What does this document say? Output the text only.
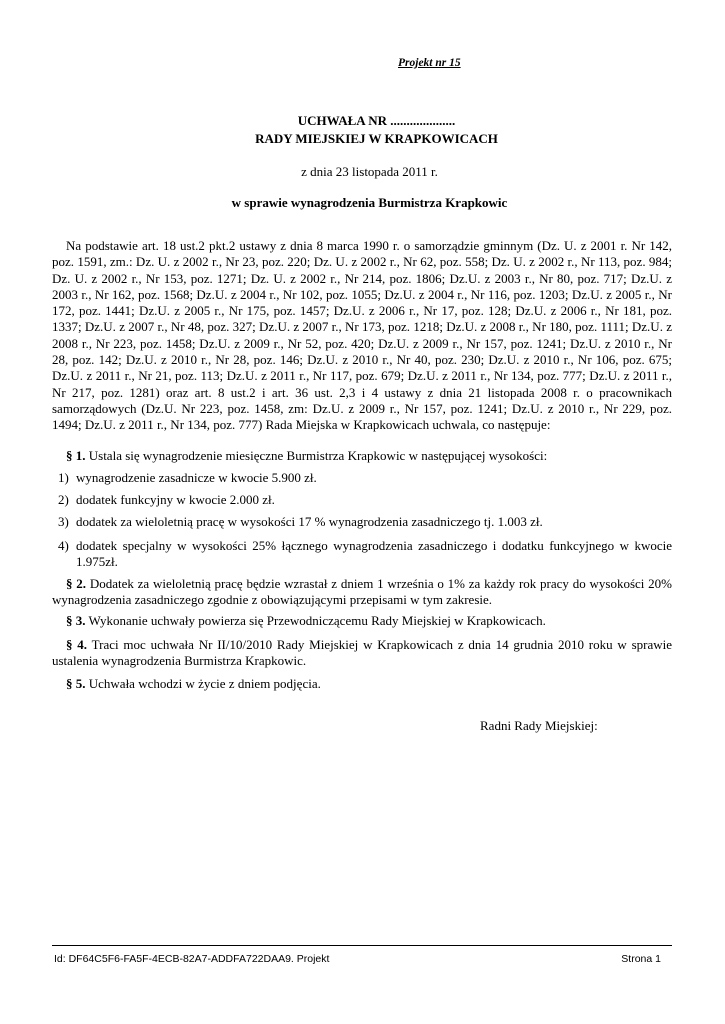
Projekt nr 15
UCHWAŁA NR ....................
RADY MIEJSKIEJ W KRAPKOWICACH
z dnia 23 listopada 2011 r.
w sprawie wynagrodzenia Burmistrza Krapkowic

Na podstawie art. 18 ust.2 pkt.2 ustawy z dnia 8 marca 1990 r. o samorządzie gminnym (Dz. U. z 2001 r. Nr 142, poz. 1591, zm.: Dz. U. z 2002 r., Nr 23, poz. 220; Dz. U. z 2002 r., Nr 62, poz. 558; Dz. U. z 2002 r., Nr 113, poz. 984; Dz. U. z 2002 r., Nr 153, poz. 1271; Dz. U. z 2002 r., Nr 214, poz. 1806; Dz.U. z 2003 r., Nr 80, poz. 717; Dz.U. z 2003 r., Nr 162, poz. 1568; Dz.U. z 2004 r., Nr 102, poz. 1055; Dz.U. z 2004 r., Nr 116, poz. 1203; Dz.U. z 2005 r., Nr 172, poz. 1441; Dz.U. z 2005 r., Nr 175, poz. 1457; Dz.U. z 2006 r., Nr 17, poz. 128; Dz.U. z 2006 r., Nr 181, poz. 1337; Dz.U. z 2007 r., Nr 48, poz. 327; Dz.U. z 2007 r., Nr 173, poz. 1218; Dz.U. z 2008 r., Nr 180, poz. 1111; Dz.U. z 2008 r., Nr 223, poz. 1458; Dz.U. z 2009 r., Nr 52, poz. 420; Dz.U. z 2009 r., Nr 157, poz. 1241; Dz.U. z 2010 r., Nr 28, poz. 142; Dz.U. z 2010 r., Nr 28, poz. 146; Dz.U. z 2010 r., Nr 40, poz. 230; Dz.U. z 2010 r., Nr 106, poz. 675; Dz.U. z 2011 r., Nr 21, poz. 113; Dz.U. z 2011 r., Nr 117, poz. 679; Dz.U. z 2011 r., Nr 134, poz. 777; Dz.U. z 2011 r., Nr 217, poz. 1281) oraz art. 8 ust.2 i art. 36 ust. 2,3 i 4 ustawy z dnia 21 listopada 2008 r. o pracownikach samorządowych (Dz.U. Nr 223, poz. 1458, zm: Dz.U. z 2009 r., Nr 157, poz. 1241; Dz.U. z 2010 r., Nr 229, poz. 1494; Dz.U. z 2011 r., Nr 134, poz. 777) Rada Miejska w Krapkowicach uchwala, co następuje:

§ 1. Ustala się wynagrodzenie miesięczne Burmistrza Krapkowic w następującej wysokości:

1) wynagrodzenie zasadnicze w kwocie 5.900 zł.
2) dodatek funkcyjny w kwocie 2.000 zł.
3) dodatek za wieloletnią pracę w wysokości 17 % wynagrodzenia zasadniczego tj. 1.003 zł.
4) dodatek specjalny w wysokości 25% łącznego wynagrodzenia zasadniczego i dodatku funkcyjnego w kwocie 1.975zł.

§ 2. Dodatek za wieloletnią pracę będzie wzrastał z dniem 1 września o 1% za każdy rok pracy do wysokości 20% wynagrodzenia zasadniczego zgodnie z obowiązującymi przepisami w tym zakresie.

§ 3. Wykonanie uchwały powierza się Przewodniczącemu Rady Miejskiej w Krapkowicach.

§ 4. Traci moc uchwała Nr II/10/2010 Rady Miejskiej w Krapkowicach z dnia 14 grudnia 2010 roku w sprawie ustalenia wynagrodzenia Burmistrza Krapkowic.

§ 5. Uchwała wchodzi w życie z dniem podjęcia.

Radni Rady Miejskiej:
Id: DF64C5F6-FA5F-4ECB-82A7-ADDFA722DAA9. Projekt	Strona 1
